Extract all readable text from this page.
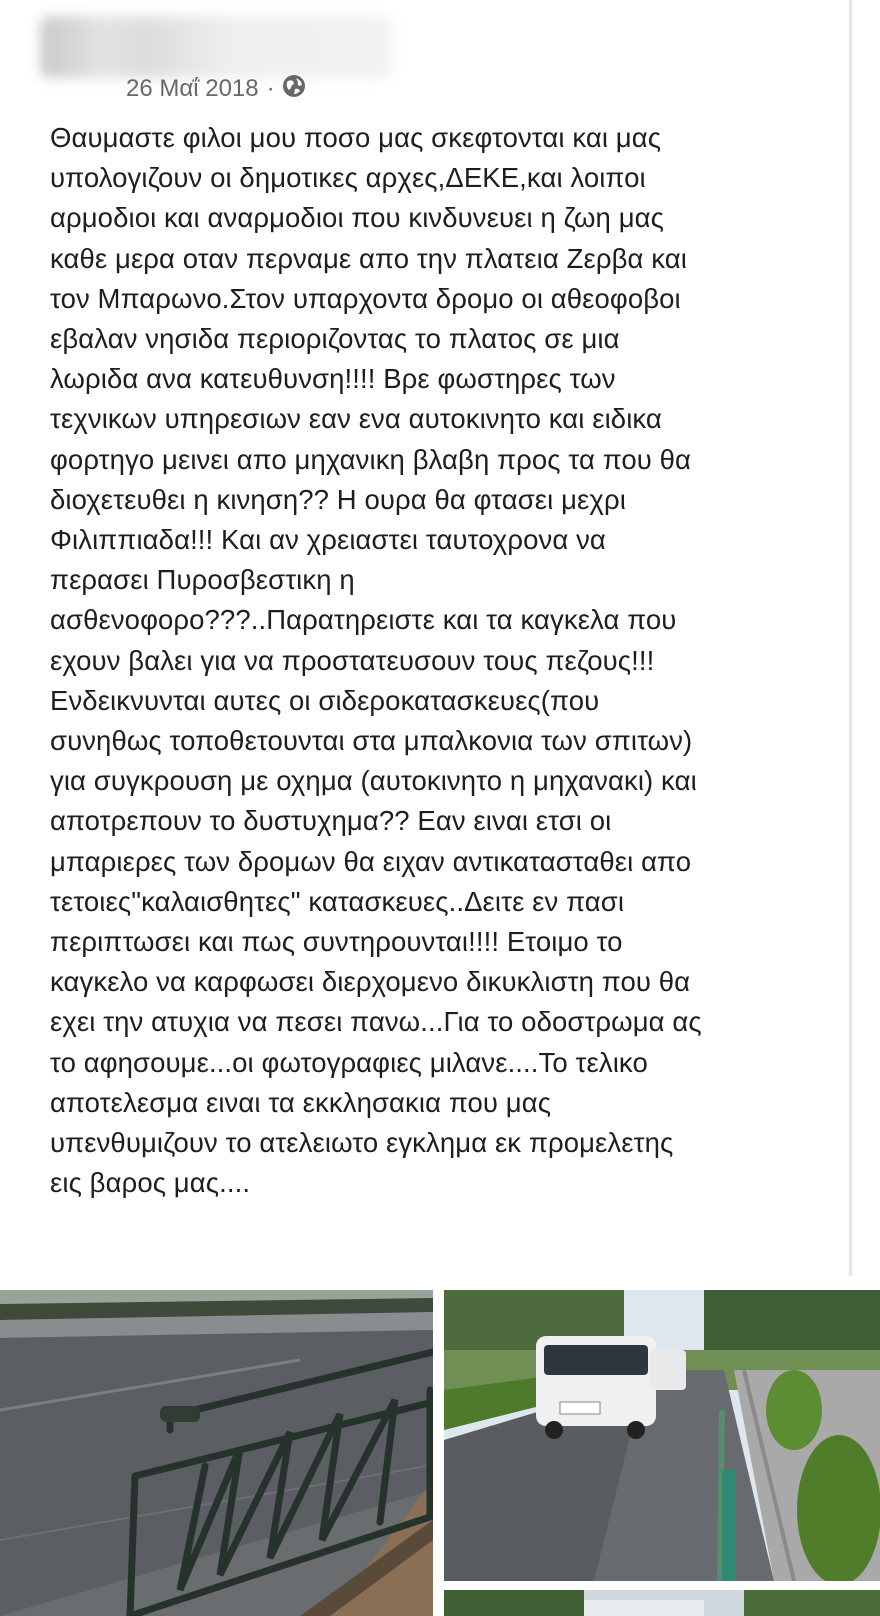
26 Μαΐ 2018 ·

Θαυμαστε φιλοι μου ποσο μας σκεφτονται και μας
υπολογιζουν οι δημοτικες αρχες,ΔΕΚΕ,και λοιποι
αρμοδιοι και αναρμοδιοι που κινδυνευει η ζωη μας
καθε μερα οταν περναμε απο την πλατεια Ζερβα και
τον Μπαρωνο.Στον υπαρχοντα δρομο οι αθεοφοβοι
εβαλαν νησιδα περιοριζοντας το πλατος σε μια
λωριδα ανα κατευθυνση!!!! Βρε φωστηρες των
τεχνικων υπηρεσιων εαν ενα αυτοκινητο και ειδικα
φορτηγο μεινει απο μηχανικη βλαβη προς τα που θα
διοχετευθει η κινηση?? Η ουρα θα φτασει μεχρι
Φιλιππιαδα!!! Και αν χρειαστει ταυτοχρονα να
περασει Πυροσβεστικη η
ασθενοφορο???..Παρατηρειστε και τα καγκελα που
εχουν βαλει για να προστατευσουν τους πεζους!!!
Ενδεικνυνται αυτες οι σιδεροκατασκευες(που
συνηθως τοποθετουνται στα μπαλκονια των σπιτων)
για συγκρουση με οχημα (αυτοκινητο η μηχανακι) και
αποτρεπουν το δυστυχημα?? Εαν ειναι ετσι οι
μπαριερες των δρομων θα ειχαν αντικατασταθει απο
τετοιες"καλαισθητες" κατασκευες..Δειτε εν πασι
περιπτωσει και πως συντηρουνται!!!! Ετοιμο το
καγκελο να καρφωσει διερχομενο δικυκλιστη που θα
εχει την ατυχια να πεσει πανω...Για το οδοστρωμα ας
το αφησουμε...οι φωτογραφιες μιλανε....Το τελικο
αποτελεσμα ειναι τα εκκλησακια που μας
υπενθυμιζουν το ατελειωτο εγκλημα εκ προμελετης
εις βαρος μας....
